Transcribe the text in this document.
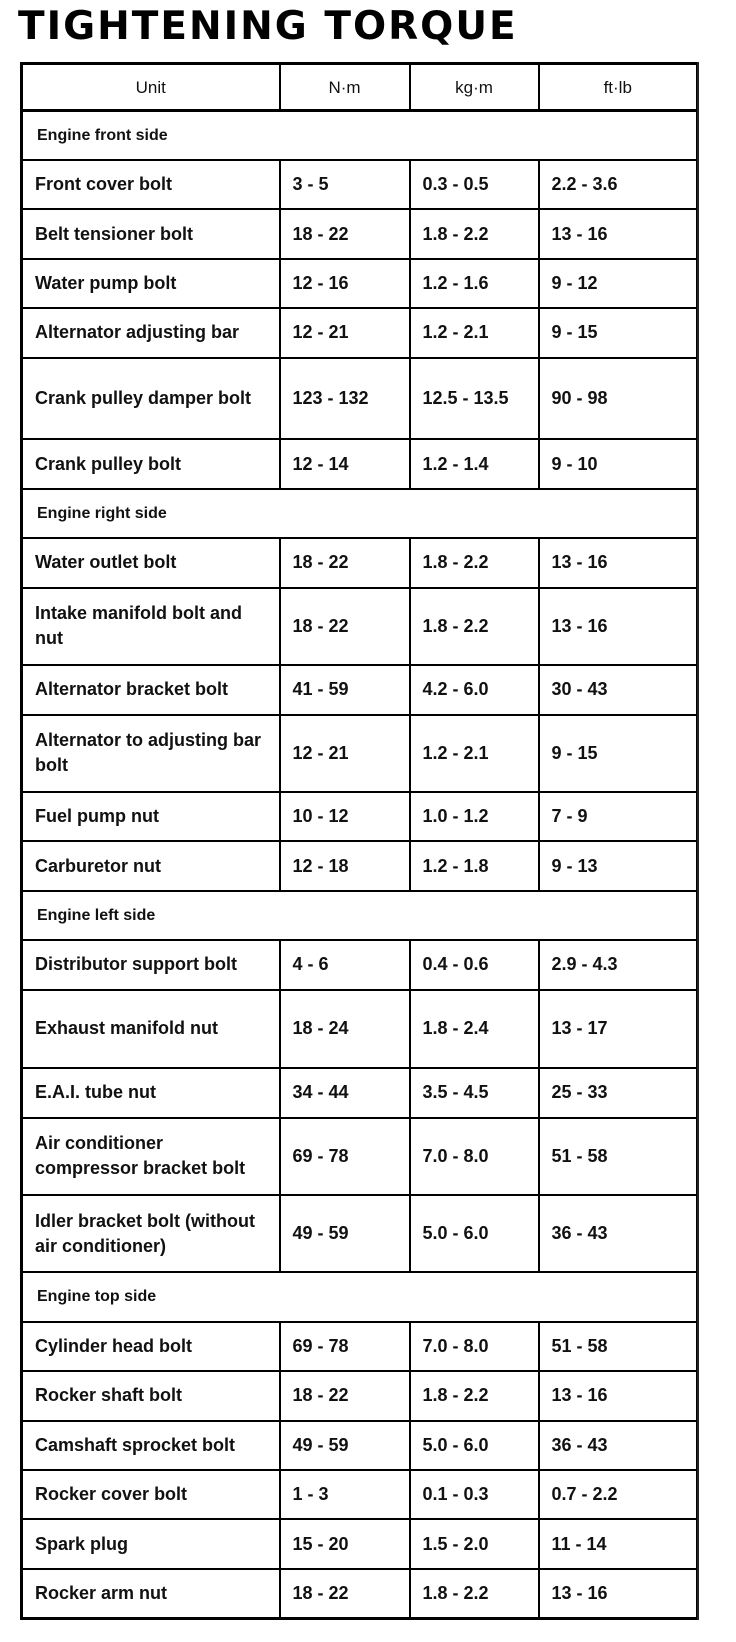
TIGHTENING TORQUE
Unit	N·m	kg·m	ft·lb
Engine front side			
Front cover bolt	3 - 5	0.3 - 0.5	2.2 - 3.6
Belt tensioner bolt	18 - 22	1.8 - 2.2	13 - 16
Water pump bolt	12 - 16	1.2 - 1.6	9 - 12
Alternator adjusting bar	12 - 21	1.2 - 2.1	9 - 15
Crank pulley damper bolt	123 - 132	12.5 - 13.5	90 - 98
Crank pulley bolt	12 - 14	1.2 - 1.4	9 - 10
Engine right side			
Water outlet bolt	18 - 22	1.8 - 2.2	13 - 16
Intake manifold bolt and nut	18 - 22	1.8 - 2.2	13 - 16
Alternator bracket bolt	41 - 59	4.2 - 6.0	30 - 43
Alternator to adjusting bar bolt	12 - 21	1.2 - 2.1	9 - 15
Fuel pump nut	10 - 12	1.0 - 1.2	7 - 9
Carburetor nut	12 - 18	1.2 - 1.8	9 - 13
Engine left side			
Distributor support bolt	4 - 6	0.4 - 0.6	2.9 - 4.3
Exhaust manifold nut	18 - 24	1.8 - 2.4	13 - 17
E.A.I. tube nut	34 - 44	3.5 - 4.5	25 - 33
Air conditioner compressor bracket bolt	69 - 78	7.0 - 8.0	51 - 58
Idler bracket bolt (without air conditioner)	49 - 59	5.0 - 6.0	36 - 43
Engine top side			
Cylinder head bolt	69 - 78	7.0 - 8.0	51 - 58
Rocker shaft bolt	18 - 22	1.8 - 2.2	13 - 16
Camshaft sprocket bolt	49 - 59	5.0 - 6.0	36 - 43
Rocker cover bolt	1 - 3	0.1 - 0.3	0.7 - 2.2
Spark plug	15 - 20	1.5 - 2.0	11 - 14
Rocker arm nut	18 - 22	1.8 - 2.2	13 - 16
